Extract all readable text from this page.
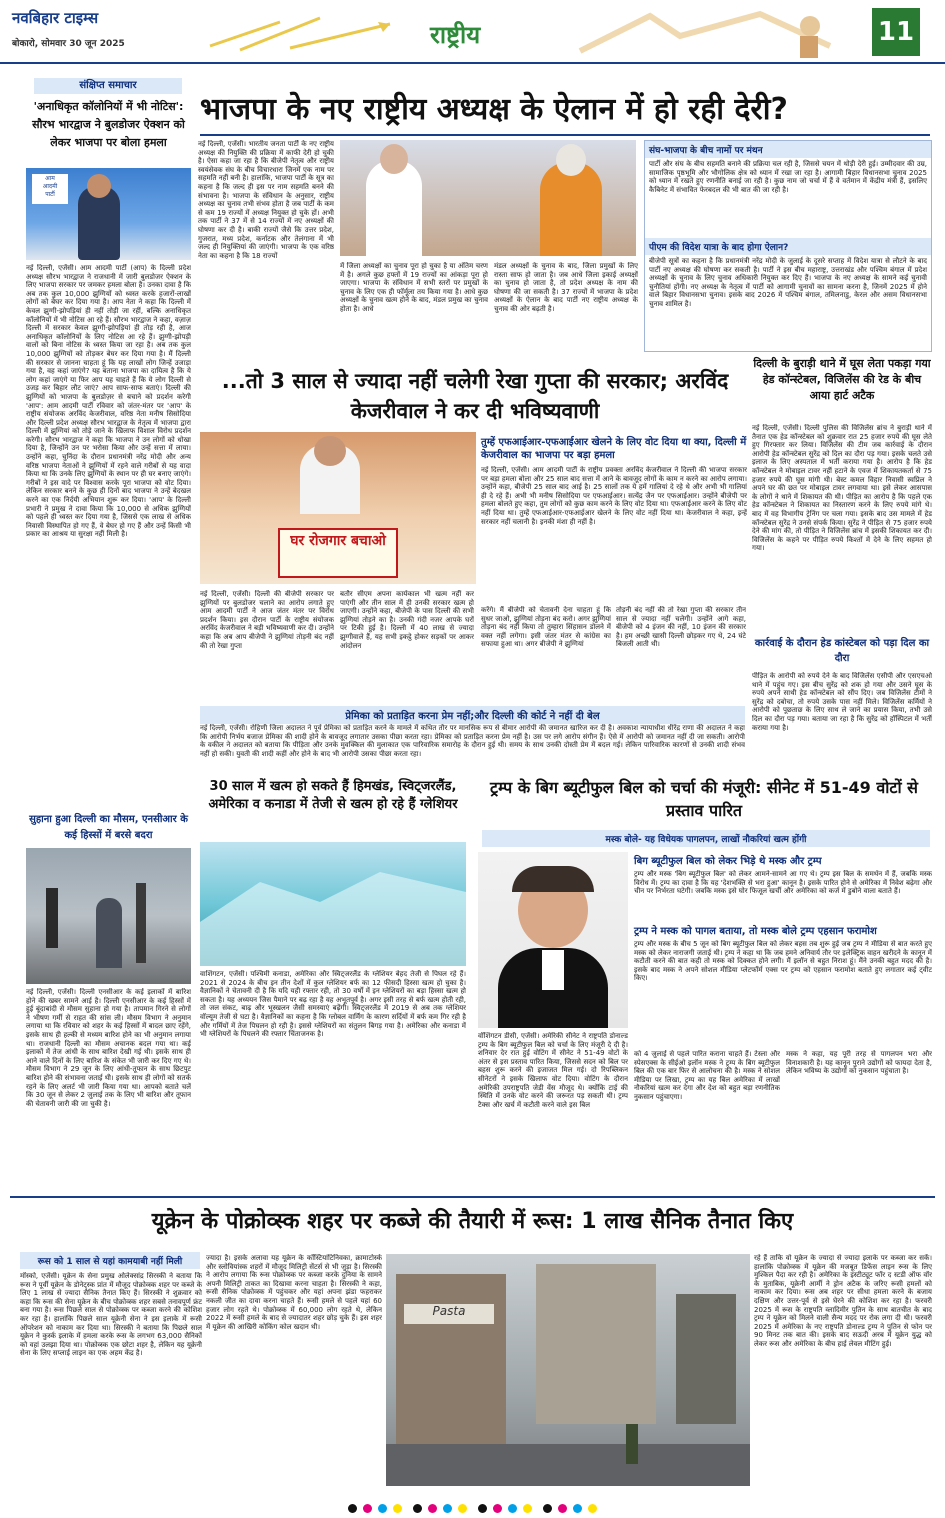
नवबिहार टाइम्स
बोकारो, सोमवार 30 जून 2025	राष्ट्रीय	11
संक्षिप्त समाचार
'अनाधिकृत कॉलोनियों में भी नोटिस': सौरभ भारद्वाज ने बुलडोजर ऐक्शन को लेकर भाजपा पर बोला हमला
आम
आदमी
पार्टी
नई दिल्ली, एजेंसी। आम आदमी पार्टी (आप) के दिल्ली प्रदेश अध्यक्ष सौरभ भारद्वाज ने राजधानी में जारी बुलडोजर ऐक्शन के लिए भाजपा सरकार पर जमकर हमला बोला है। उनका दावा है कि अब तक कुल 10,000 झुग्गियों को ध्वस्त करके हजारों-लाखों लोगों को बेघर कर दिया गया है। आप नेता ने कहा कि दिल्ली में केवल झुग्गी-झोपड़ियां ही नहीं तोड़ी जा रहीं, बल्कि अनाधिकृत कॉलोनियों में भी नोटिस आ रहे हैं। सौरभ भारद्वाज ने कहा, वज़ाज़ दिल्ली में सरकार केवल झुग्गी-झोपड़ियां ही तोड़ रही है, आज अनाधिकृत कॉलोनियों के लिए नोटिस आ रहे हैं। झुग्गी-झोपड़ी वालों को बिना नोटिस के ध्वस्त किया जा रहा है। अब तक कुल 10,000 झुग्गियों को तोड़कर बेघर कर दिया गया है। मैं दिल्ली की सरकार से जानना चाहता हूं कि यह लाखों लोग जिन्हें उजाड़ा गया है, वह कहां जाएंगे? यह बताना भाजपा का दायित्व है कि ये लोग कहां जाएंगे या फिर आप यह चाहते हैं कि ये लोग दिल्ली से उजड़ कर बिहार लौट जाएं? आप साफ-साफ बताएं। दिल्ली की झुग्गियों को भाजपा के बुलडोज़र से बचाने को प्रदर्शन करेगी 'आप': आम आदमी पार्टी रविवार को जंतर-मंतर पर 'आप' के राष्ट्रीय संयोजक अरविंद केजरीवाल, वरिष्ठ नेता मनीष सिसोदिया और दिल्ली प्रदेश अध्यक्ष सौरभ भारद्वाज के नेतृत्व में भाजपा द्वारा दिल्ली में झुग्गियां को तोड़े जाने के खिलाफ विशाल विरोध प्रदर्शन करेगी। सौरभ भारद्वाज ने कहा कि भाजपा ने उन लोगों को धोखा दिया है, जिन्होंने उन पर भरोसा किया और उन्हें सत्ता में लाया। उन्होंने कहा, चुनिंदा के दौरान प्रधानमंत्री नरेंद्र मोदी और अन्य वरिष्ठ भाजपा नेताओं ने झुग्गियों में रहने वाले गरीबों से यह वादा किया था कि उनके लिए झुग्गियों के स्थान पर ही घर बनाए जाएंगे। गरीबों ने इस वादे पर विश्वास करके पूरा भाजपा को वोट दिया। लेकिन सरकार बनने के कुछ ही दिनों बाद भाजपा ने उन्हें बेदखल करने का एक निर्दयी अभियान शुरू कर दिया। 'आप' के दिल्ली प्रभारी ने प्रमुख ने दावा किया कि 10,000 से अधिक झुग्गियों को पहले ही ध्वस्त कर दिया गया है, जिससे एक लाख से अधिक निवासी विस्थापित हो गए हैं, वे बेघर हो गए हैं और उन्हें किसी भी प्रकार का आश्रय या सुरक्षा नहीं मिली है।
सुहाना हुआ दिल्ली का मौसम, एनसीआर के कई हिस्सों में बरसे बदरा
नई दिल्ली, एजेंसी। दिल्ली एनसीआर के कई इलाकों में बारिश होने की खबर सामने आई है। दिल्ली एनसीआर के कई हिस्सों में हुई बूंदाबांदी से मौसम सुहाना हो गया है। तापमान गिरने से लोगों ने भीषण गर्मी से राहत की सांस ली। मौसम विभाग ने अनुमान लगाया था कि रविवार को शहर के कई हिस्सों में बादल छाए रहेंगे, इसके साथ ही हल्की से मध्यम बारिश होने का भी अनुमान लगाया था। राजधानी दिल्ली का मौसम अचानक बदल गया था। कई इलाकों में तेज आंधी के साथ बारिश देखी गई थी। इसके साथ ही आने वाले दिनों के लिए बारिश के संकेत भी जारी कर दिए गए थे। मौसम विभाग ने 29 जून के लिए आंधी-तूफान के साथ छिटपुट बारिश होने की संभावना जताई थी। इसके साथ ही लोगों को सतर्क रहने के लिए अलर्ट भी जारी किया गया था। आपको बताते चलें कि 30 जून से लेकर 2 जुलाई तक के लिए भी बारिश और तूफान की चेतावनी जारी की जा चुकी है।
भाजपा के नए राष्ट्रीय अध्यक्ष के ऐलान में हो रही देरी?
नई दिल्ली, एजेंसी। भारतीय जनता पार्टी के नए राष्ट्रीय अध्यक्ष की नियुक्ति की प्रक्रिया में काफी देरी हो चुकी है। ऐसा कहा जा रहा है कि बीजेपी नेतृत्व और राष्ट्रीय स्वयंसेवक संघ के बीच विचारधारा जिनमें एक नाम पर सहमति नहीं बनी है। हालांकि, भाजपा पार्टी के सूत्र का कहना है कि जल्द ही इस पर नाम सहमति बनने की संभावना है। भाजपा के संविधान के अनुसार, राष्ट्रीय अध्यक्ष का चुनाव तभी संभव होता है जब पार्टी के कम से कम 19 राज्यों में अध्यक्ष नियुक्त हो चुके हों। अभी तक पार्टी ने 37 में से 14 राज्यों में नए अध्यक्षों की घोषणा कर दी है। बाकी राज्यों जैसे कि उत्तर प्रदेश, गुजरात, मध्य प्रदेश, कर्नाटक और तेलंगाना में भी जल्द ही नियुक्तियां की जाएंगी। भाजपा के एक वरिष्ठ नेता का कहना है कि 18 राज्यों
में जिला अध्यक्षों का चुनाव पूरा हो चुका है या अंतिम चरण में है। अगले कुछ हफ्तों में 19 राज्यों का आंकड़ा पूरा हो जाएगा। भाजपा के संविधान में सभी स्तरों पर प्रमुखों के चुनाव के लिए एक ही फॉर्मूला तय किया गया है। आधे कुछ अध्यक्षों के चुनाव खत्म होने के बाद, मंडल प्रमुख का चुनाव होता है। आधे
मंडल अध्यक्षों के चुनाव के बाद, जिला प्रमुखों के लिए रास्ता साफ हो जाता है। जब आधे जिला इकाई अध्यक्षों का चुनाव हो जाता है, तो प्रदेश अध्यक्ष के नाम की घोषणा की जा सकती है। 37 राज्यों में भाजपा के प्रदेश अध्यक्षों के ऐलान के बाद पार्टी नए राष्ट्रीय अध्यक्ष के चुनाव की ओर बढ़ती है।
संघ-भाजपा के बीच नामों पर मंथन
पार्टी और संघ के बीच सहमति बनाने की प्रक्रिया चल रही है, जिससे चयन में थोड़ी देरी हुई। उम्मीदवार की उम्र, सामाजिक पृष्ठभूमि और भौगोलिक क्षेत्र को ध्यान में रखा जा रहा है। आगामी बिहार विधानसभा चुनाव 2025 को ध्यान में रखते हुए रणनीति बनाई जा रही है। कुछ नाम जो चर्चा में हैं वे वर्तमान में केंद्रीय मंत्री हैं, इसलिए कैबिनेट में संभावित फेरबदल की भी बात की जा रही है।
पीएम की विदेश यात्रा के बाद होगा ऐलान?
बीजेपी सूत्रों का कहना है कि प्रधानमंत्री नरेंद्र मोदी के जुलाई के दूसरे सप्ताह में विदेश यात्रा से लौटने के बाद पार्टी नए अध्यक्ष की घोषणा कर सकती है। पार्टी ने इस बीच महाराष्ट्र, उत्तराखंड और पश्चिम बंगाल में प्रदेश अध्यक्षों के चुनाव के लिए चुनाव अधिकारी नियुक्त कर दिए हैं। भाजपा के नए अध्यक्ष के सामने कई चुनावी चुनौतियां होंगी। नए अध्यक्ष के नेतृत्व में पार्टी को आगामी चुनावों का सामना करना है, जिनमें 2025 में होने वाले बिहार विधानसभा चुनाव। इसके बाद 2026 में पश्चिम बंगाल, तमिलनाडु, केरल और असम विधानसभा चुनाव शामिल है।
...तो 3 साल से ज्यादा नहीं चलेगी रेखा गुप्ता की सरकार; अरविंद केजरीवाल ने कर दी भविष्यवाणी
घर रोजगार बचाओ
तुम्हें एफआईआर-एफआईआर खेलने के लिए वोट दिया था क्या, दिल्ली में केजरीवाल का भाजपा पर बड़ा हमला
नई दिल्ली, एजेंसी। आम आदमी पार्टी के राष्ट्रीय प्रवक्ता अरविंद केजरीवाल ने दिल्ली की भाजपा सरकार पर बड़ा हमला बोला और 25 साल बाद सत्ता में आने के बावजूद लोगों के काम न करने का आरोप लगाया। उन्होंने कहा, बीजेपी 25 साल बाद आई है। 25 सालों तक ये हमें गालियां दे रहे थे और अभी भी गालियां ही दे रहे हैं। अभी भी मनीष सिसोदिया पर एफआईआर। सत्येंद्र जैन पर एफआईआर। उन्होंने बीजेपी पर हमला बोलते हुए कहा, तुम लोगों को कुछ काम करने के लिए वोट दिया था। एफआईआर करने के लिए वोट नहीं दिया था। तुम्हें एफआईआर-एफआईआर खेलने के लिए वोट नहीं दिया था। केजरीवाल ने कहा, इन्हें सरकार नहीं चलानी है। इनकी मंशा ही नहीं है।
नई दिल्ली, एजेंसी। दिल्ली की बीजेपी सरकार पर झुग्गियों पर बुलडोजर चलाने का आरोप लगाते हुए आम आदमी पार्टी ने आज जंतर मंतर पर विरोध प्रदर्शन किया। इस दौरान पार्टी के राष्ट्रीय संयोजक अरविंद केजरीवाल ने बड़ी भविष्यवाणी कर दी। उन्होंने कहा कि अब आप बीजेपी ने झुग्गियां तोड़नी बंद नहीं की तो रेखा गुप्ता
बतौर सीएम अपना कार्यकाल भी खत्म नहीं कर पाएंगी और तीन साल में ही उनकी सरकार खत्म हो जाएगी। उन्होंने कहा, बीजेपी के पास दिल्ली की सभी झुग्गियां तोड़ने का है। उनकी गंदी नजर आपके घरों पर टिकी हुई है। दिल्ली में 40 लाख से ज्यादा झुग्गीवाले हैं, यह सभी इकट्ठे होकर सड़कों पर आकर आंदोलन
करेंगे। मैं बीजेपी को चेतावनी देना चाहता हूं कि सुधर जाओ, झुग्गियां तोड़ना बंद करो। अगर झुग्गियां तोड़ना बंद नहीं किया तो तुम्हारा सिंहासन डोलने में वक्त नहीं लगेगा। इसी जंतर मंतर से कांग्रेस का सफाया हुआ था। अगर बीजेपी ने झुग्गियां
तोड़नी बंद नहीं की तो रेखा गुप्ता की सरकार तीन साल से ज्यादा नहीं चलेगी। उन्होंने आगे कहा, बीजेपी को 4 इंजन की नहीं, 10 इंजन की सरकार है। हम अच्छी खासी दिल्ली छोड़कर गए थे, 24 घंटे बिजली आती थी।
दिल्ली के बुराड़ी थाने में घूस लेता पकड़ा गया हेड कॉन्स्टेबल, विजिलेंस की रेड के बीच आया हार्ट अटैक
नई दिल्ली, एजेंसी। दिल्ली पुलिस की विजिलेंस ब्रांच ने बुराड़ी थाने में तैनात एक हेड कॉन्स्टेबल को शुक्रवार रात 25 हजार रुपये की घूस लेते हुए गिरफ्तार कर लिया। विजिलेंस की टीम जब कार्रवाई के दौरान आरोपी हेड कॉन्स्टेबल सुरेंद्र को दिल का दौरा पड़ गया। इसके चलते उसे इलाज के लिए अस्पताल में भर्ती कराया गया है। आरोप है कि हेड कॉन्स्टेबल ने मोबाइल टावर नहीं हटाने के एवज में शिकायतकर्ता से 75 हजार रुपये की घूस मांगी थी। बेस्ट कमल विहार निवासी स्वप्निल ने अपने घर की छत पर मोबाइल टावर लगवाया था। इसे लेकर आसपास के लोगों ने थाने में शिकायत की थी। पीड़ित का आरोप है कि पहले एक हेड कॉन्स्टेबल ने शिकायत का निस्तारण करने के लिए रुपये मांगे थे। बाद में वह विभागीय ट्रेनिंग पर चला गया। इसके बाद उस मामले में हेड कॉन्स्टेबल सुरेंद्र ने उनसे संपर्क किया। सुरेंद्र ने पीड़ित से 75 हजार रुपये देने की मांग की, तो पीड़ित ने विजिलेंस ब्रांच में इसकी शिकायत कर दी। विजिलेंस के कहने पर पीड़ित रुपये किश्तों में देने के लिए सहमत हो गया।
कार्रवाई के दौरान हेड कांस्टेबल को पड़ा दिल का दौरा
पीड़ित के आरोपी को रुपये देने के बाद विजिलेंस एसीपी और एसएचओ थाने में पहुंच गए। इस बीच सुरेंद्र को शक हो गया और उसने घूस के रुपये अपने साथी हेड कॉन्स्टेबल को सौंप दिए। जब विजिलेंस टीमों ने सुरेंद्र को दबोचा, तो रुपये उसके पास नहीं मिले। विजिलेंस कर्मियों ने आरोपी को पूछताछ के लिए साथ ले जाने का प्रयास किया, तभी उसे दिल का दौरा पड़ गया। बताया जा रहा है कि सुरेंद्र को हॉस्पिटल में भर्ती कराया गया है।
प्रेमिका को प्रताड़ित करना प्रेम नहीं;और दिल्ली की कोर्ट ने नहीं दी बेल
नई दिल्ली, एजेंसी। रोहिणी जिला अदालत ने पूर्व प्रेमिका को प्रताड़ित करने के मामले में कथित तौर पर मानसिक रूप से बीमार आरोपी की जमानत खारिज कर दी है। अवकाश न्यायाधीश धीरेंद्र राणा की अदालत ने कहा कि आरोपी निर्भय बजाज प्रेमिका की शादी होने के बावजूद लगातार उसका पीछा करता रहा। प्रेमिका को प्रताड़ित करना प्रेम नहीं है। उस पर लगे आरोप संगीन हैं। ऐसे में आरोपी को जमानत नहीं दी जा सकती। आरोपी के वकील ने अदालत को बताया कि पीड़िता और उनके मुवक्किल की मुलाकात एक पारिवारिक समारोह के दौरान हुई थी। समय के साथ उनकी दोस्ती प्रेम में बदल गई। लेकिन पारिवारिक कारणों से उनकी शादी संभव नहीं हो सकी। युवती की शादी कहीं और होने के बाद भी आरोपी उसका पीछा करता रहा।
30 साल में खत्म हो सकते हैं हिमखंड, स्विट्जरलैंड, अमेरिका व कनाडा में तेजी से खत्म हो रहे हैं ग्लेशियर
वाशिंगटन, एजेंसी। पश्चिमी कनाडा, अमेरिका और स्विट्जरलैंड के ग्लेशियर बेहद तेजी से पिघल रहे हैं। 2021 से 2024 के बीच इन तीन देशों में कुल ग्लेशियर बर्फ का 12 फीसदी हिस्सा खत्म हो चुका है। वैज्ञानिकों ने चेतावनी दी है कि यदि यही रफ्तार रही, तो 30 वर्षों में इन ग्लेशियरों का बड़ा हिस्सा खत्म हो सकता है। यह अध्ययन जिस पैमाने पर बढ़ रहा है वह अभूतपूर्व है। अगर इसी तरह से बर्फ खत्म होती रही, तो जल संकट, बाढ़ और भूस्खलन जैसी समस्याएं बढ़ेंगी। स्विट्जरलैंड में 2019 से अब तक ग्लेशियर वॉल्यूम तेजी से घटा है। वैज्ञानिकों का कहना है कि ग्लोबल वार्मिंग के कारण सर्दियों में बर्फ कम गिर रही है और गर्मियों में तेज पिघलन हो रही है। इससे ग्लेशियरों का संतुलन बिगड़ गया है। अमेरिका और कनाडा में भी ग्लेशियरों के पिघलने की रफ्तार चिंताजनक है।
ट्रम्प के बिग ब्यूटीफुल बिल को चर्चा की मंजूरी: सीनेट में 51-49 वोटों से प्रस्ताव पारित
मस्क बोले- यह विधेयक पागलपन, लाखों नौकरियां खत्म होंगी
बिग ब्यूटीफुल बिल को लेकर भिड़े थे मस्क और ट्रम्प
ट्रम्प और मस्क 'बिग ब्यूटीफुल बिल' को लेकर आमने-सामने आ गए थे। ट्रम्प इस बिल के समर्थन में हैं, जबकि मस्क विरोध में। ट्रम्प का दावा है कि यह 'देशभक्ति से भरा हुआ' कानून है। इसके पारित होने से अमेरिका में निवेश बढ़ेगा और चीन पर निर्भरता घटेगी। जबकि मस्क इसे घोर फिजूल खर्ची और अमेरिका को कर्ज में डुबोने वाला बताते हैं।
ट्रम्प ने मस्क को पागल बताया, तो मस्क बोले ट्रम्प एहसान फरामोश
ट्रम्प और मस्क के बीच 5 जून को बिग ब्यूटीफुल बिल को लेकर बहस तब शुरू हुई जब ट्रम्प ने मीडिया से बात करते हुए मस्क को लेकर नाराजगी जताई थी। ट्रम्प ने कहा था कि जब हमने अनिवार्य तौर पर इलेक्ट्रिक वाहन खरीदने के कानून में कटौती करने की बात कही तो मस्क को दिक्कत होने लगी। मैं इलॉन से बहुत निराश हूं। मैंने उनकी बहुत मदद की है। इसके बाद मस्क ने अपने सोशल मीडिया प्लेटफॉर्म एक्स पर ट्रम्प को एहसान फरामोश बताते हुए लगातार कई ट्वीट किए।
वॉशिंगटन डीसी, एजेंसी। अमेरिकी सीनेट ने राष्ट्रपति डोनाल्ड ट्रम्प के बिग ब्यूटीफुल बिल को चर्चा के लिए मंजूरी दे दी है। शनिवार देर रात हुई वोटिंग में सीनेट ने 51-49 वोटों के अंतर से इस प्रस्ताव पारित किया, जिससे सदन को बिल पर बहस शुरू करने की इजाजत मिल गई। दो रिपब्लिकन सीनेटरों ने इसके खिलाफ वोट दिया। वोटिंग के दौरान अमेरिकी उपराष्ट्रपति जेडी वेंस मौजूद थे। क्योंकि टाई की स्थिति में उनके वोट करने की जरूरत पड़ सकती थी। ट्रम्प टैक्स और खर्च में कटौती करने वाले इस बिल
को 4 जुलाई से पहले पारित कराना चाहते हैं। टेस्ला और स्पेसएक्स के सीईओ इलॉन मस्क ने ट्रम्प के बिग ब्यूटीफुल बिल की एक बार फिर से आलोचना की है। मस्क ने सोशल मीडिया पर लिखा, ट्रम्प का यह बिल अमेरिका में लाखों नौकरियां खत्म कर देगा और देश को बहुत बड़ा रणनीतिक नुकसान पहुंचाएगा।
मस्क ने कहा, यह पूरी तरह से पागलपन भरा और विनाशकारी है। यह कानून पुराने उद्योगों को फायदा देता है, लेकिन भविष्य के उद्योगों को नुकसान पहुंचाता है।
यूक्रेन के पोक्रोव्स्क शहर पर कब्जे की तैयारी में रूस: 1 लाख सैनिक तैनात किए
रूस को 1 साल से यहां कामयाबी नहीं मिली
मॉस्को, एजेंसी। यूक्रेन के सेना प्रमुख ओलेक्सांद्र सिरस्की ने बताया कि रूस ने पूर्वी यूक्रेन के डोनेट्स्क प्रांत में मौजूद पोक्रोव्स्क शहर पर कब्जे के लिए 1 लाख से ज्यादा सैनिक तैनात किए हैं। सिरस्की ने शुक्रवार को कहा कि रूस की सेना यूक्रेन के बीच पोक्रोव्स्क शहर सबसे तनावपूर्ण फ्रंट बना गया है। रूस पिछले साल से पोक्रोव्स्क पर कब्जा करने की कोशिश कर रहा है। हालांकि पिछले साल यूक्रेनी सेना ने इस इलाके में रूसी ऑपरेशन को नाकाम कर दिया था। सिरस्की ने बताया कि पिछले साल यूक्रेन ने कुर्स्क इलाके में हमला करके रूस के लगभग 63,000 सैनिकों को वहां उलझा दिया था। पोक्रोव्स्क एक छोटा शहर है, लेकिन यह यूक्रेनी सेना के लिए सप्लाई लाइन का एक अहम केंद्र है।
ज्यादा है। इसके अलावा यह यूक्रेन के कॉस्टियांटिनिवका, क्रामाटोर्स्क और स्लोवियांस्क शहरों में मौजूद मिलिट्री सेंटर्स से भी जुड़ा है। सिरस्की ने आरोप लगाया कि रूस पोक्रोव्स्क पर कब्जा करके दुनिया के सामने अपनी मिलिट्री ताकत का दिखावा करना चाहता है। सिरस्की ने कहा, रूसी सैनिक पोक्रोव्स्क में पहुंचकर और यहां अपना झंडा फहराकर नकली जीत का दावा करना चाहते हैं। रूसी हमले से पहले यहां 60 हजार लोग रहते थे। पोक्रोव्स्क में 60,000 लोग रहते थे, लेकिन 2022 में रूसी हमले के बाद से ज्यादातर शहर छोड़ चुके हैं। इस शहर में यूक्रेन की आखिरी कोकिंग कोल खदान थी।
Pasta
रहे हैं ताकि वो यूक्रेन के ज्यादा से ज्यादा इलाके पर कब्जा कर सकें। हालांकि पोक्रोव्स्क में यूक्रेन की मजबूत डिफेंस लाइन रूस के लिए मुश्किल पैदा कर रही है। अमेरिका के इंस्टीट्यूट फॉर द स्टडी ऑफ वॉर के मुताबिक, यूक्रेनी आर्मी ने ड्रोन अटैक के जरिए रूसी हमलों को नाकाम कर दिया। रूस अब शहर पर सीधा हमला करने के बजाय दक्षिण और उत्तर-पूर्व से इसे घेरने की कोशिश कर रहा है। फरवरी 2025 में रूस के राष्ट्रपति व्लादिमीर पुतिन के साथ बातचीत के बाद ट्रम्प ने यूक्रेन को मिलने वाली सैन्य मदद पर रोक लगा दी थी। फरवरी 2025 में अमेरिका के नए राष्ट्रपति डोनाल्ड ट्रम्प ने पुतिन से फोन पर 90 मिनट तक बात की। इसके बाद सऊदी अरब में यूक्रेन युद्ध को लेकर रूस और अमेरिका के बीच हाई लेवल मीटिंग हुई।
